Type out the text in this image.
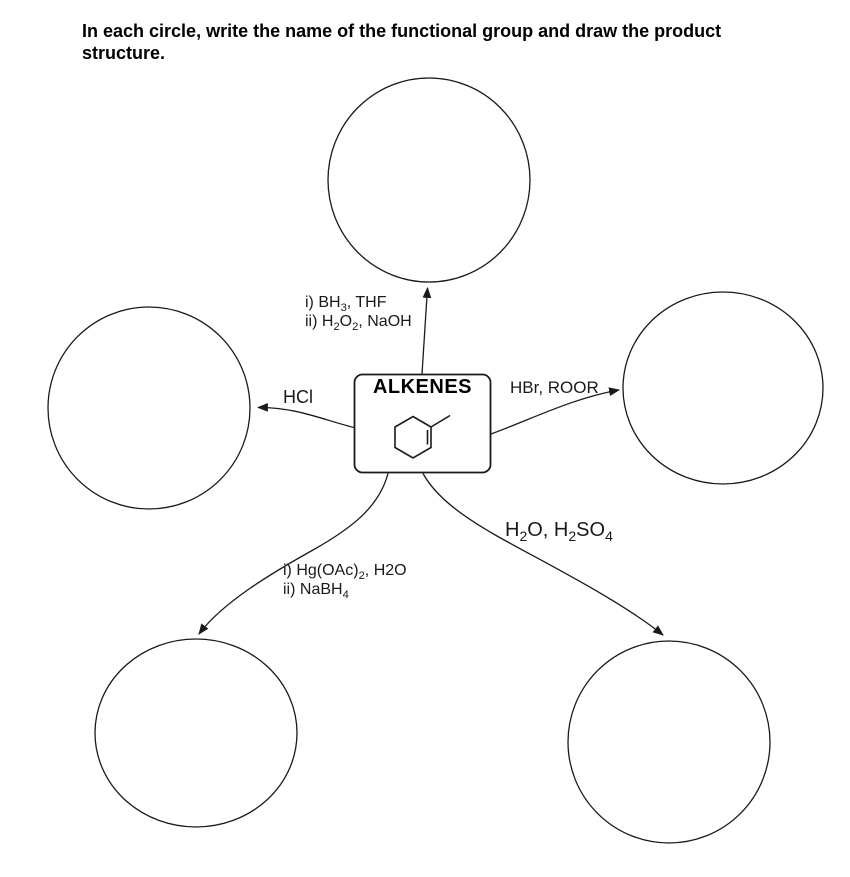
In each circle, write the name of the functional group and draw the product structure.
ALKENES
i) $BH_3$, THF
ii) $H_2O_2$, NaOH
HCl	HBr, ROOR
i) $Hg(OAc)_2$, H2O
ii) NaBH$_4$
$H_2O$, $H_2SO_4$
